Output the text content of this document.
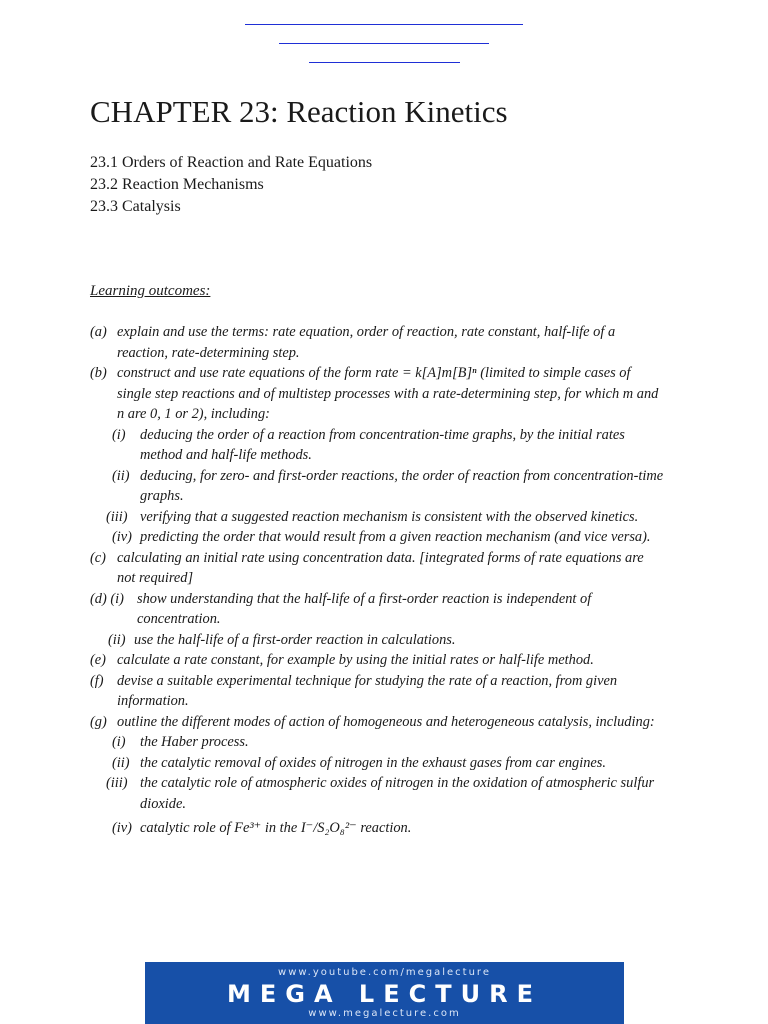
CHAPTER 23: Reaction Kinetics
23.1 Orders of Reaction and Rate Equations
23.2 Reaction Mechanisms
23.3 Catalysis
Learning outcomes:
(a) explain and use the terms: rate equation, order of reaction, rate constant, half-life of a
reaction, rate-determining step.
(b) construct and use rate equations of the form rate = k[A]m[B]ⁿ (limited to simple cases of
single step reactions and of multistep processes with a rate-determining step, for which m and
n are 0, 1 or 2), including:
(i) deducing the order of a reaction from concentration-time graphs, by the initial rates
method and half-life methods.
(ii) deducing, for zero- and first-order reactions, the order of reaction from concentration-time
graphs.
(iii) verifying that a suggested reaction mechanism is consistent with the observed kinetics.
(iv) predicting the order that would result from a given reaction mechanism (and vice versa).
(c) calculating an initial rate using concentration data. [integrated forms of rate equations are
not required]
(d) (i) show understanding that the half-life of a first-order reaction is independent of
concentration.
(ii) use the half-life of a first-order reaction in calculations.
(e) calculate a rate constant, for example by using the initial rates or half-life method.
(f) devise a suitable experimental technique for studying the rate of a reaction, from given
information.
(g) outline the different modes of action of homogeneous and heterogeneous catalysis, including:
(i) the Haber process.
(ii) the catalytic removal of oxides of nitrogen in the exhaust gases from car engines.
(iii) the catalytic role of atmospheric oxides of nitrogen in the oxidation of atmospheric sulfur
dioxide.
(iv) catalytic role of Fe³⁺ in the I⁻/S₂O₈²⁻ reaction.
www.youtube.com/megalecture
MEGA LECTURE
www.megalecture.com
